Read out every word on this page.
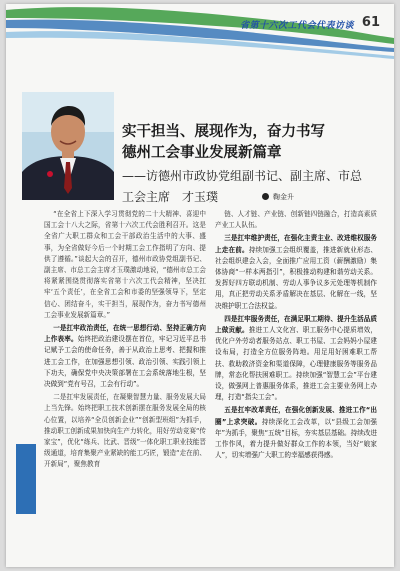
省第十六次工代会代表访谈 61
实干担当、展现作为，奋力书写
德州工会事业发展新篇章
——访德州市政协党组副书记、副主席、市总
工会主席　才玉璞	鞠金升

“在全省上下深入学习贯彻党的二十大精神、喜迎中国工会十八大之际，省第十六次工代会胜利召开。这是全省广大职工群众和工会干部政治生活中的大事、盛事，为全省做好今后一个时期工会工作指明了方向、提供了遵循。”谈起大会的召开，德州市政协党组副书记、副主席、市总工会主席才玉璞激动地说，“德州市总工会将紧紧围绕贯彻落实省第十六次工代会精神，坚决扛牢‘五个责任’，在全省工会和市委的坚强领导下，坚定信心、团结奋斗，实干担当，展现作为，奋力书写德州工会事业发展新篇章。”

一是扛牢政治责任，在统一思想行动、坚持正确方向上作表率。始终把政治建设摆在首位，牢记习近平总书记赋予工会的使命任务，善于从政治上思考、把握和推进工会工作，在加强思想引领、政治引领、实践引领上下功夫，确保党中央决策部署在工会系统落地生根，坚决做到“党有号召，工会有行动”。

二是扛牢发展责任，在凝聚智慧力量、服务发展大局上当先锋。始终把职工技术创新摆在服务发展全局的核心位置，以培养“全员创新企业”“创新型班组”为抓手，推动职工创新成果加快向生产力转化，用好劳动竞赛“传家宝”，优化“练兵、比武、晋级”一体化职工职业技能晋级通道，培育集聚产业紧缺的能工巧匠，锻造“走在前、开新局”，聚焦教育

链、人才链、产业链、创新链四链融合，打造高素质产业工人队伍。

三是扛牢维护责任，在强化主责主业、改进维权服务上走在前。持续加强工会组织覆盖，推进新就业形态、社会组织建会入会，全面推广应用工资（薪酬激励）集体协商“一样本两指引”，积极推动构建和谐劳动关系。发挥好四方联动机制、劳动人事争议多元处理等机制作用，真正把劳动关系矛盾解决在基层、化解在一线，坚决维护职工合法权益。

四是扛牢服务责任，在满足职工期待、提升生活品质上做贡献。推进工人文化宫、职工服务中心提质增效，优化户外劳动者服务站点、职工书屋、工会妈妈小屋建设布局，打造全方位服务阵地。用足用好困难职工帮扶、救助救济资金和渠道保障，心理健康服务等服务品牌，常态化帮扶困难职工。持续加强“智慧工会”平台建设，做强网上普惠服务体系，推进工会主要业务网上办理，打造“指尖工会”。

五是扛牢改革责任，在强化创新发展、推进工作“出圈”上求突破。持续深化工会改革，以“县级工会加强年”为抓手，聚焦“五统”目标，夯实基层基础。持续改进工作作风，着力提升做好群众工作的本领，当好“娘家人”，切实增强广大职工的幸福感获得感。
